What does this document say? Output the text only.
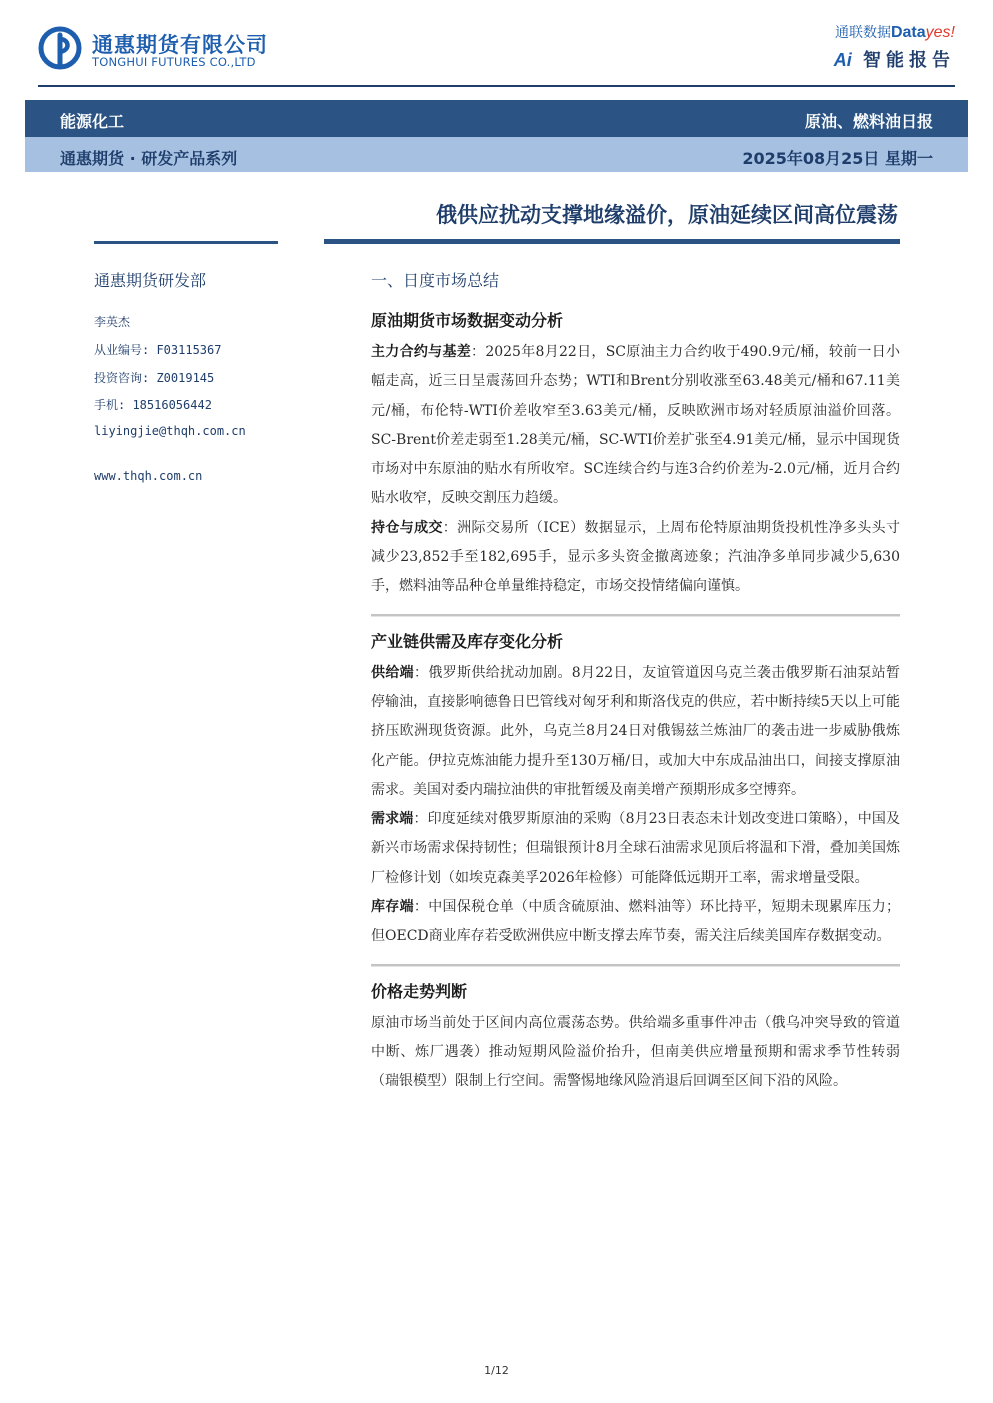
通惠期货有限公司
TONGHUI FUTURES CO.,LTD
通联数据Datayes!
Ai 智能报告
能源化工	原油、燃料油日报
通惠期货 · 研发产品系列	2025年08月25日 星期一
俄供应扰动支撑地缘溢价，原油延续区间高位震荡
通惠期货研发部
李英杰
从业编号: F03115367
投资咨询: Z0019145
手机: 18516056442
liyingjie@thqh.com.cn
www.thqh.com.cn
一、日度市场总结
原油期货市场数据变动分析

主力合约与基差：2025年8月22日，SC原油主力合约收于490.9元/桶，较前一日小幅走高，近三日呈震荡回升态势；WTI和Brent分别收涨至63.48美元/桶和67.11美元/桶，布伦特-WTI价差收窄至3.63美元/桶，反映欧洲市场对轻质原油溢价回落。SC-Brent价差走弱至1.28美元/桶，SC-WTI价差扩张至4.91美元/桶，显示中国现货市场对中东原油的贴水有所收窄。SC连续合约与连3合约价差为-2.0元/桶，近月合约贴水收窄，反映交割压力趋缓。

持仓与成交：洲际交易所（ICE）数据显示，上周布伦特原油期货投机性净多头头寸减少23,852手至182,695手，显示多头资金撤离迹象；汽油净多单同步减少5,630手，燃料油等品种仓单量维持稳定，市场交投情绪偏向谨慎。

产业链供需及库存变化分析

供给端：俄罗斯供给扰动加剧。8月22日，友谊管道因乌克兰袭击俄罗斯石油泵站暂停输油，直接影响德鲁日巴管线对匈牙利和斯洛伐克的供应，若中断持续5天以上可能挤压欧洲现货资源。此外，乌克兰8月24日对俄锡兹兰炼油厂的袭击进一步威胁俄炼化产能。伊拉克炼油能力提升至130万桶/日，或加大中东成品油出口，间接支撑原油需求。美国对委内瑞拉油供的审批暂缓及南美增产预期形成多空博弈。

需求端：印度延续对俄罗斯原油的采购（8月23日表态未计划改变进口策略），中国及新兴市场需求保持韧性；但瑞银预计8月全球石油需求见顶后将温和下滑，叠加美国炼厂检修计划（如埃克森美孚2026年检修）可能降低远期开工率，需求增量受限。

库存端：中国保税仓单（中质含硫原油、燃料油等）环比持平，短期未现累库压力；但OECD商业库存若受欧洲供应中断支撑去库节奏，需关注后续美国库存数据变动。

价格走势判断

原油市场当前处于区间内高位震荡态势。供给端多重事件冲击（俄乌冲突导致的管道中断、炼厂遇袭）推动短期风险溢价抬升，但南美供应增量预期和需求季节性转弱（瑞银模型）限制上行空间。需警惕地缘风险消退后回调至区间下沿的风险。

1/12
